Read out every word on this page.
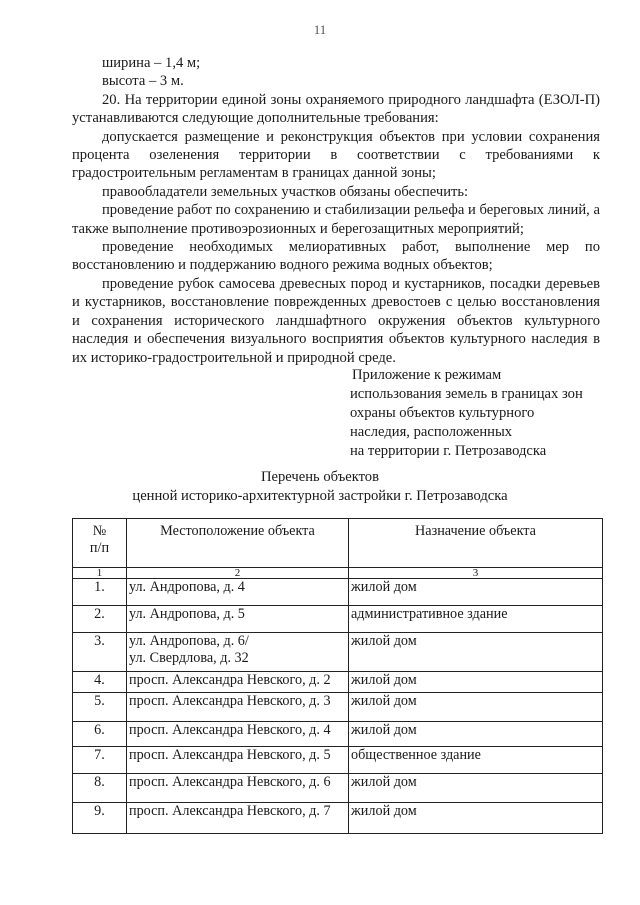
11

ширина – 1,4 м;

высота – 3 м.

20. На территории единой зоны охраняемого природного ландшафта (ЕЗОЛ-П) устанавливаются следующие дополнительные требования:

допускается размещение и реконструкция объектов при условии сохранения процента озеленения территории в соответствии с требованиями к градостроительным регламентам в границах данной зоны;

правообладатели земельных участков обязаны обеспечить:

проведение работ по сохранению и стабилизации рельефа и береговых линий, а также выполнение противоэрозионных и берегозащитных мероприятий;

проведение необходимых мелиоративных работ, выполнение мер по восстановлению и поддержанию водного режима водных объектов;

проведение рубок самосева древесных пород и кустарников, посадки деревьев и кустарников, восстановление поврежденных древостоев с целью восстановления и сохранения исторического ландшафтного окружения объектов культурного наследия и обеспечения визуального восприятия объектов культурного наследия в их историко-градостроительной и природной среде.

Приложение к режимам
использования земель в границах зон
охраны объектов культурного
наследия, расположенных
на территории г. Петрозаводска
Перечень объектов
ценной историко-архитектурной застройки г. Петрозаводска
№
п/п	Местоположение объекта	Назначение объекта
1	2	3
1.	ул. Андропова, д. 4	жилой дом
2.	ул. Андропова, д. 5	административное здание
3.	ул. Андропова, д. 6/
ул. Свердлова, д. 32	жилой дом
4.	просп. Александра Невского, д. 2	жилой дом
5.	просп. Александра Невского, д. 3	жилой дом
6.	просп. Александра Невского, д. 4	жилой дом
7.	просп. Александра Невского, д. 5	общественное здание
8.	просп. Александра Невского, д. 6	жилой дом
9.	просп. Александра Невского, д. 7	жилой дом
